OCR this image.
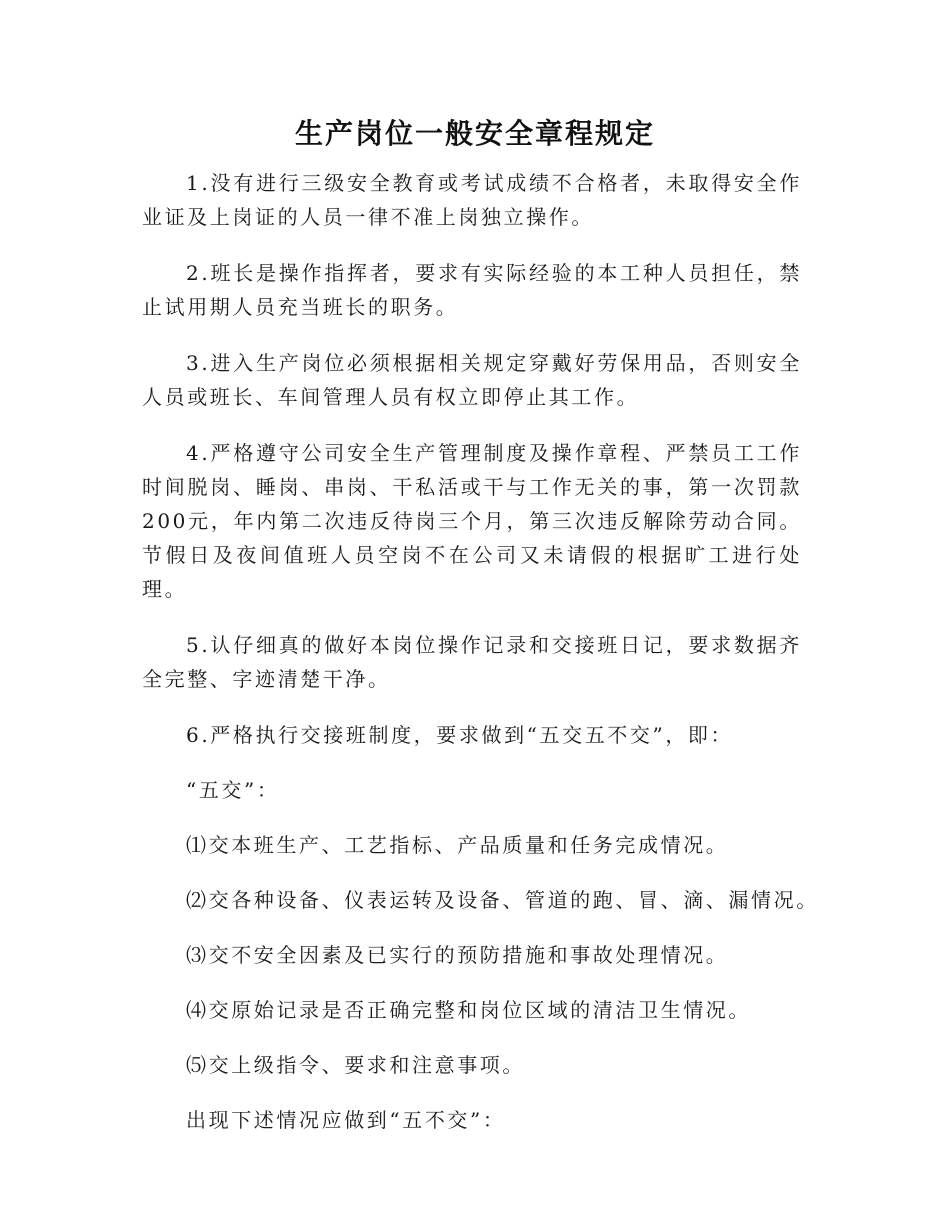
生产岗位一般安全章程规定

1.没有进行三级安全教育或考试成绩不合格者，未取得安全作业证及上岗证的人员一律不准上岗独立操作。

2.班长是操作指挥者，要求有实际经验的本工种人员担任，禁止试用期人员充当班长的职务。

3.进入生产岗位必须根据相关规定穿戴好劳保用品，否则安全人员或班长、车间管理人员有权立即停止其工作。

4.严格遵守公司安全生产管理制度及操作章程、严禁员工工作时间脱岗、睡岗、串岗、干私活或干与工作无关的事，第一次罚款200元，年内第二次违反待岗三个月，第三次违反解除劳动合同。节假日及夜间值班人员空岗不在公司又未请假的根据旷工进行处理。

5.认仔细真的做好本岗位操作记录和交接班日记，要求数据齐全完整、字迹清楚干净。

6.严格执行交接班制度，要求做到“五交五不交”，即：
“五交”：
⑴交本班生产、工艺指标、产品质量和任务完成情况。
⑵交各种设备、仪表运转及设备、管道的跑、冒、滴、漏情况。
⑶交不安全因素及已实行的预防措施和事故处理情况。
⑷交原始记录是否正确完整和岗位区域的清洁卫生情况。
⑸交上级指令、要求和注意事项。
出现下述情况应做到“五不交”：
